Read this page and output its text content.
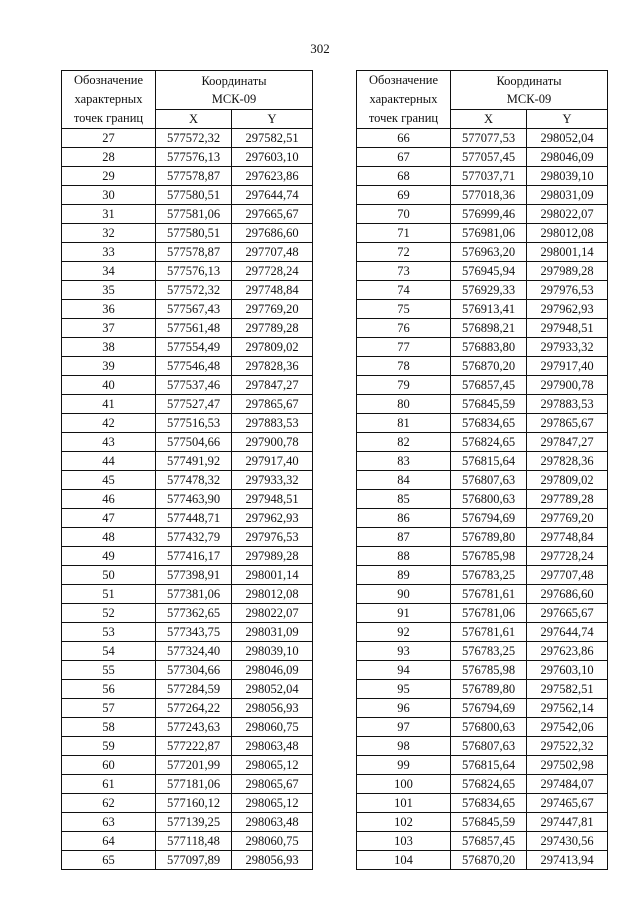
302
Обозначение
характерных
точек границ	Координаты
МСК-09	

	X	Y
27	577572,32	297582,51
28	577576,13	297603,10
29	577578,87	297623,86
30	577580,51	297644,74
31	577581,06	297665,67
32	577580,51	297686,60
33	577578,87	297707,48
34	577576,13	297728,24
35	577572,32	297748,84
36	577567,43	297769,20
37	577561,48	297789,28
38	577554,49	297809,02
39	577546,48	297828,36
40	577537,46	297847,27
41	577527,47	297865,67
42	577516,53	297883,53
43	577504,66	297900,78
44	577491,92	297917,40
45	577478,32	297933,32
46	577463,90	297948,51
47	577448,71	297962,93
48	577432,79	297976,53
49	577416,17	297989,28
50	577398,91	298001,14
51	577381,06	298012,08
52	577362,65	298022,07
53	577343,75	298031,09
54	577324,40	298039,10
55	577304,66	298046,09
56	577284,59	298052,04
57	577264,22	298056,93
58	577243,63	298060,75
59	577222,87	298063,48
60	577201,99	298065,12
61	577181,06	298065,67
62	577160,12	298065,12
63	577139,25	298063,48
64	577118,48	298060,75
65	577097,89	298056,93
Обозначение
характерных
точек границ	Координаты
МСК-09	

	X	Y
66	577077,53	298052,04
67	577057,45	298046,09
68	577037,71	298039,10
69	577018,36	298031,09
70	576999,46	298022,07
71	576981,06	298012,08
72	576963,20	298001,14
73	576945,94	297989,28
74	576929,33	297976,53
75	576913,41	297962,93
76	576898,21	297948,51
77	576883,80	297933,32
78	576870,20	297917,40
79	576857,45	297900,78
80	576845,59	297883,53
81	576834,65	297865,67
82	576824,65	297847,27
83	576815,64	297828,36
84	576807,63	297809,02
85	576800,63	297789,28
86	576794,69	297769,20
87	576789,80	297748,84
88	576785,98	297728,24
89	576783,25	297707,48
90	576781,61	297686,60
91	576781,06	297665,67
92	576781,61	297644,74
93	576783,25	297623,86
94	576785,98	297603,10
95	576789,80	297582,51
96	576794,69	297562,14
97	576800,63	297542,06
98	576807,63	297522,32
99	576815,64	297502,98
100	576824,65	297484,07
101	576834,65	297465,67
102	576845,59	297447,81
103	576857,45	297430,56
104	576870,20	297413,94
